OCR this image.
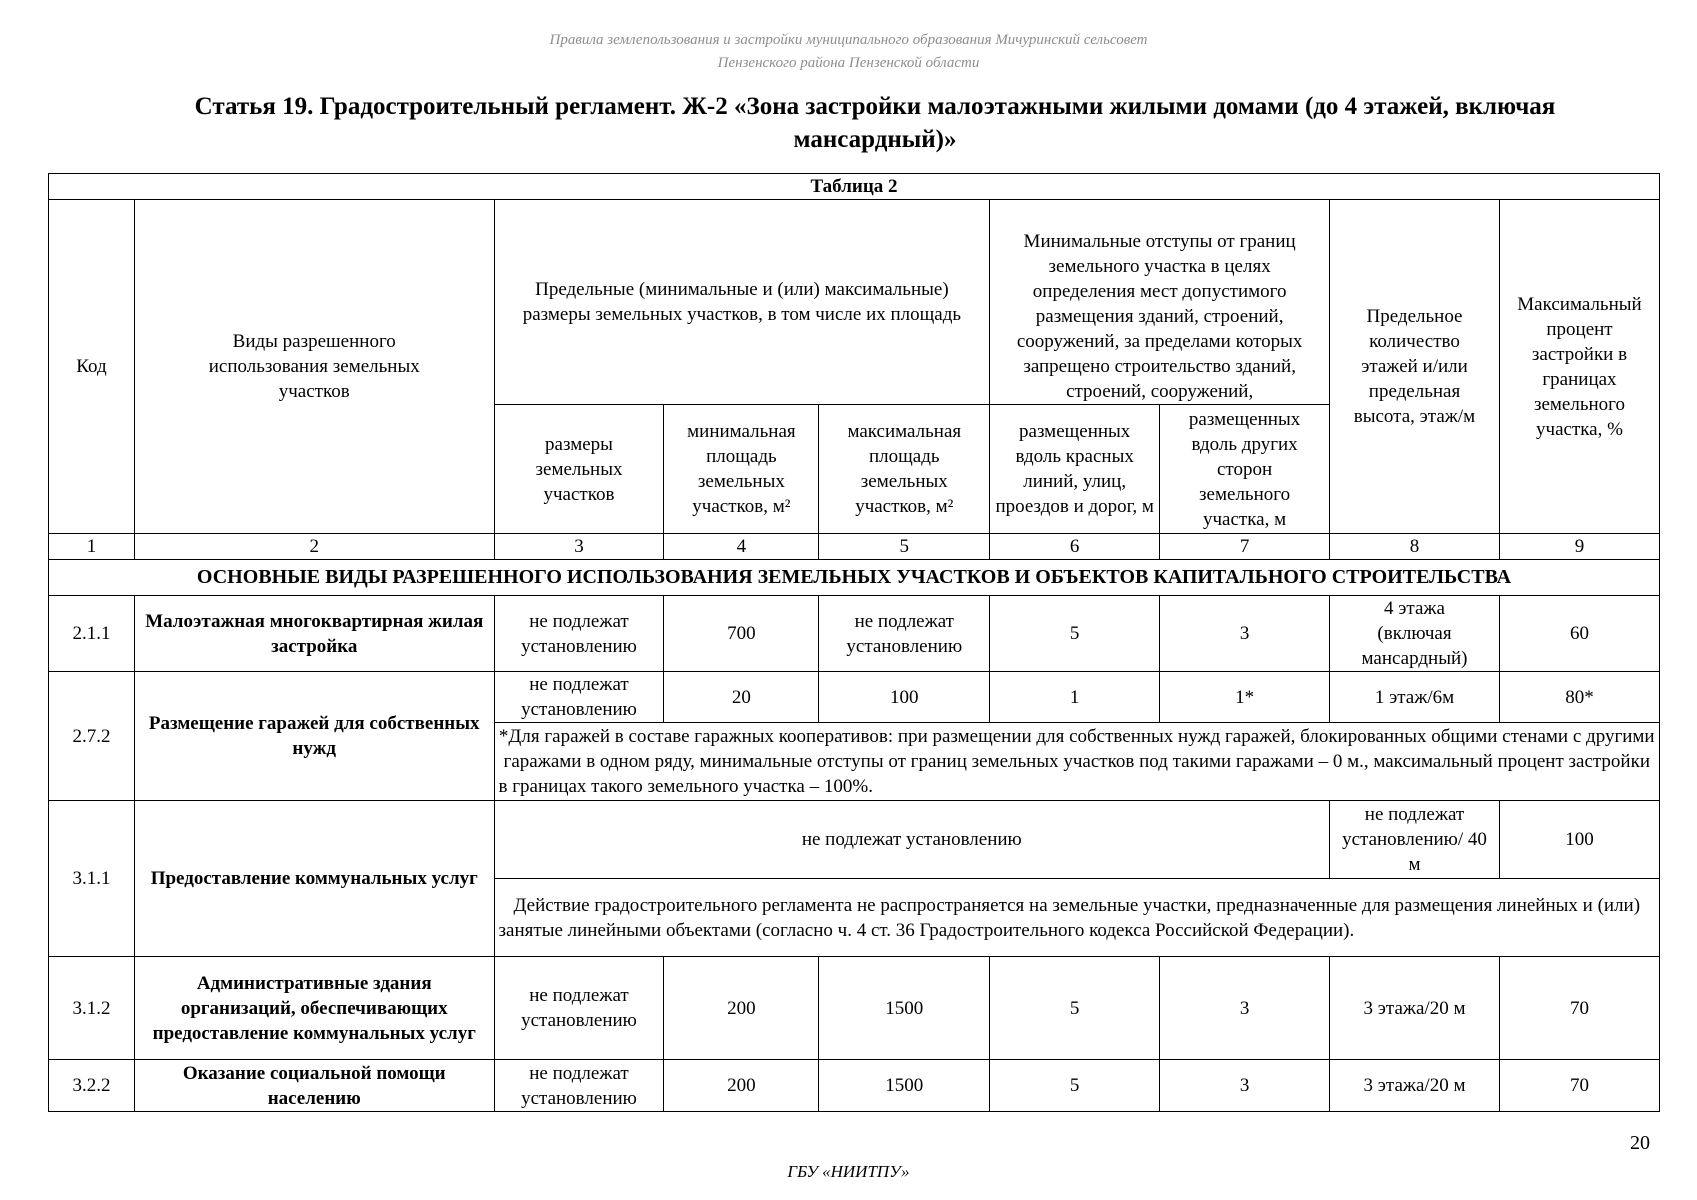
Правила землепользования и застройки муниципального образования Мичуринский сельсовет
Пензенского района Пензенской области
Статья 19. Градостроительный регламент. Ж-2 «Зона застройки малоэтажными жилыми домами (до 4 этажей, включая
мансардный)»
Таблица 2								
Код	Виды разрешенного использования земельных участков	Предельные (минимальные и (или) максимальные) размеры земельных участков, в том числе их площадь			Минимальные отступы от границ земельного участка в целях определения мест допустимого размещения зданий, строений, сооружений, за пределами которых запрещено строительство зданий, строений, сооружений,		Предельное количество этажей и/или предельная высота, этаж/м	Максимальный процент застройки в границах земельного участка, %
		размеры земельных участков	минимальная площадь земельных участков, м²	максимальная площадь земельных участков, м²	размещенных вдоль красных линий, улиц, проездов и дорог, м	размещенных вдоль других сторон земельного участка, м		
1	2	3	4	5	6	7	8	9
ОСНОВНЫЕ ВИДЫ РАЗРЕШЕННОГО ИСПОЛЬЗОВАНИЯ ЗЕМЕЛЬНЫХ УЧАСТКОВ И ОБЪЕКТОВ КАПИТАЛЬНОГО СТРОИТЕЛЬСТВА								
2.1.1	Малоэтажная многоквартирная жилая застройка	не подлежат установлению	700	не подлежат установлению	5	3	4 этажа (включая мансардный)	60
2.7.2	Размещение гаражей для собственных нужд	не подлежат установлению	20	100	1	1*	1 этаж/6м	80*
		*Для гаражей в составе гаражных кооперативов: при размещении для собственных нужд гаражей, блокированных общими стенами с другими гаражами в одном ряду, минимальные отступы от границ земельных участков под такими гаражами – 0 м., максимальный процент застройки в границах такого земельного участка – 100%.						
3.1.1	Предоставление коммунальных услуг	не подлежат установлению					не подлежат установлению/ 40 м	100
		Действие градостроительного регламента не распространяется на земельные участки, предназначенные для размещения линейных и (или) занятые линейными объектами (согласно ч. 4 ст. 36 Градостроительного кодекса Российской Федерации).						
3.1.2	Административные здания организаций, обеспечивающих предоставление коммунальных услуг	не подлежат установлению	200	1500	5	3	3 этажа/20 м	70
3.2.2	Оказание социальной помощи населению	не подлежат установлению	200	1500	5	3	3 этажа/20 м	70
20
ГБУ «НИИТПУ»
